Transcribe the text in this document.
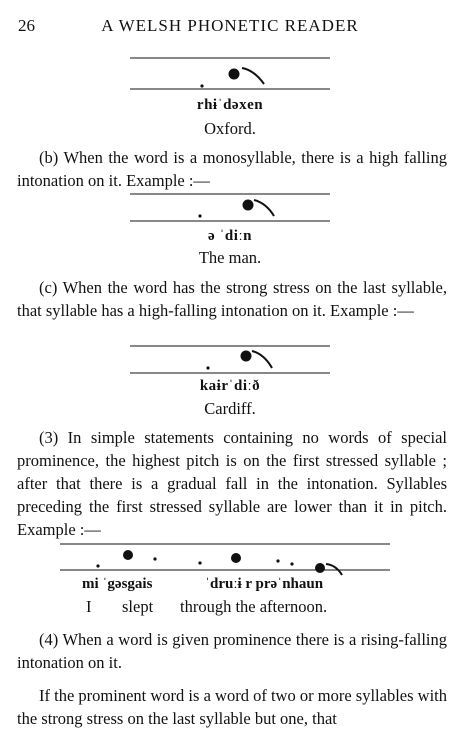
26	A WELSH PHONETIC READER
rhɨˈdəxen
Oxford.
(b) When the word is a monosyllable, there is a high falling intonation on it. Example :—
ə ˈdiːn
The man.
(c) When the word has the strong stress on the last syllable, that syllable has a high-falling intonation on it. Example :—
kaɨrˈdiːð
Cardiff.
(3) In simple statements containing no words of special prominence, the highest pitch is on the first stressed syllable ; after that there is a gradual fall in the intonation. Syllables preceding the first stressed syllable are lower than it in pitch. Example :—
mi ˈgəsgais	ˈdruːɨ r prəˈnhaun
I slept through the afternoon.
(4) When a word is given prominence there is a rising-falling intonation on it.
If the prominent word is a word of two or more syllables with the strong stress on the last syllable but one, that
